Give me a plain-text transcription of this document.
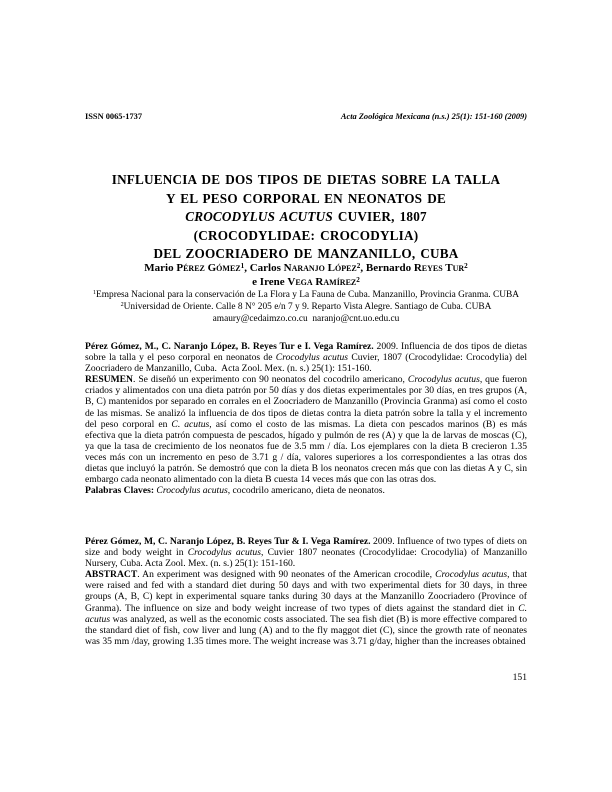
ISSN 0065-1737	Acta Zoológica Mexicana (n.s.) 25(1): 151-160 (2009)
INFLUENCIA DE DOS TIPOS DE DIETAS SOBRE LA TALLA
Y EL PESO CORPORAL EN NEONATOS DE
CROCODYLUS ACUTUS CUVIER, 1807
(CROCODYLIDAE: CROCODYLIA)
DEL ZOOCRIADERO DE MANZANILLO, CUBA
Mario Pérez Gómez$^1$, Carlos Naranjo López$^2$, Bernardo Reyes Tur$^2$
e Irene Vega Ramírez$^2$
$^1$Empresa Nacional para la conservación de La Flora y La Fauna de Cuba. Manzanillo, Provincia Granma. CUBA
$^2$Universidad de Oriente. Calle 8 N° 205 e/n 7 y 9. Reparto Vista Alegre. Santiago de Cuba. CUBA
amaury@cedaimzo.co.cu  naranjo@cnt.uo.edu.cu

Pérez Gómez, M., C. Naranjo López, B. Reyes Tur e I. Vega Ramírez. 2009. Influencia de dos tipos de dietas sobre la talla y el peso corporal en neonatos de Crocodylus acutus Cuvier, 1807 (Crocodylidae: Crocodylia) del Zoocriadero de Manzanillo, Cuba.  Acta Zool. Mex. (n. s.) 25(1): 151-160.

RESUMEN. Se diseñó un experimento con 90 neonatos del cocodrilo americano, Crocodylus acutus, que fueron criados y alimentados con una dieta patrón por 50 días y dos dietas experimentales por 30 días, en tres grupos (A, B, C) mantenidos por separado en corrales en el Zoocriadero de Manzanillo (Provincia Granma) así como el costo de las mismas. Se analizó la influencia de dos tipos de dietas contra la dieta patrón sobre la talla y el incremento del peso corporal en C. acutus, así como el costo de las mismas. La dieta con pescados marinos (B) es más efectiva que la dieta patrón compuesta de pescados, hígado y pulmón de res (A) y que la de larvas de moscas (C), ya que la tasa de crecimiento de los neonatos fue de 3.5 mm / día. Los ejemplares con la dieta B crecieron 1.35 veces más con un incremento en peso de 3.71 g / día, valores superiores a los correspondientes a las otras dos dietas que incluyó la patrón. Se demostró que con la dieta B los neonatos crecen más que con las dietas A y C, sin embargo cada neonato alimentado con la dieta B cuesta 14 veces más que con las otras dos.

Palabras Claves: Crocodylus acutus, cocodrilo americano, dieta de neonatos.

Pérez Gómez, M, C. Naranjo López, B. Reyes Tur & I. Vega Ramírez. 2009. Influence of two types of diets on size and body weight in Crocodylus acutus, Cuvier 1807 neonates (Crocodylidae: Crocodylia) of Manzanillo Nursery, Cuba. Acta Zool. Mex. (n. s.) 25(1): 151-160.

ABSTRACT. An experiment was designed with 90 neonates of the American crocodile, Crocodylus acutus, that were raised and fed with a standard diet during 50 days and with two experimental diets for 30 days, in three groups (A, B, C) kept in experimental square tanks during 30 days at the Manzanillo Zoocriadero (Province of Granma). The influence on size and body weight increase of two types of diets against the standard diet in C. acutus was analyzed, as well as the economic costs associated. The sea fish diet (B) is more effective compared to the standard diet of fish, cow liver and lung (A) and to the fly maggot diet (C), since the growth rate of neonates was 35 mm /day, growing 1.35 times more. The weight increase was 3.71 g/day, higher than the increases obtained

151
